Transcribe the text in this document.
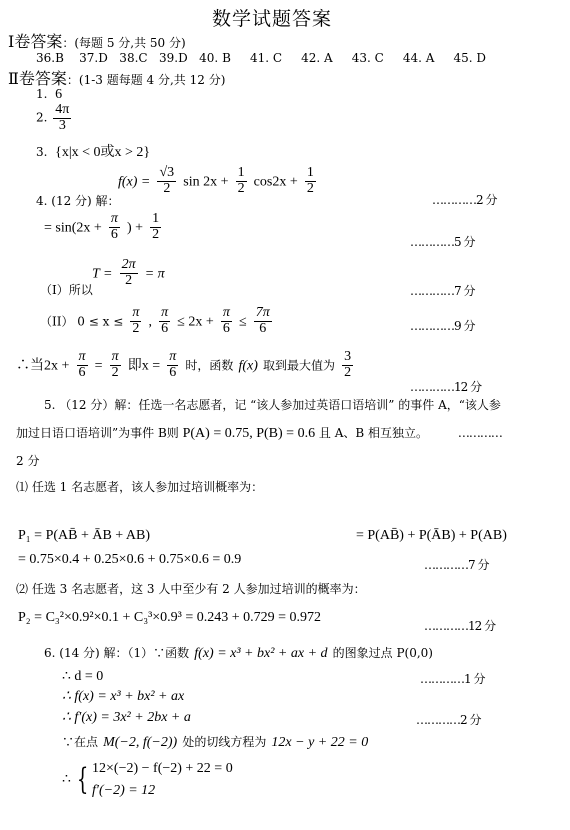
数学试题答案
Ⅰ卷答案：(每题 5 分,共 50 分)
36.B    37.D   38.C   39.D   40. B     41. C     42. A     43. C     44. A     45. D
Ⅱ卷答案：(1-3 题每题 4 分,共 12 分)
1. 6
2. $\frac{4\pi}{3}$
3. {x|x < 0或x > 2}
4. (12 分) 解：
$f(x) = \frac{√3}{2}$ $\sin 2x + \frac{1}{2} \cos 2x + \frac{1}{2}$
…………2 分
= $\sin(2x + \frac{\pi}{6}$ ) + $\frac{1}{2}$	…………5 分
$T = \frac{2\pi}{2} = \pi$
（I）所以	…………7 分
（II） $0 \le x \le \frac{\pi}{2}$ , $\frac{\pi}{6} \le 2x + \frac{\pi}{6} \le \frac{7\pi}{6}$	…………9 分
∴当$2x + \frac{\pi}{6} = \frac{\pi}{2}$ 即$x = \frac{\pi}{6}$ 时，函数 f(x) 取到最大值为 $\frac{3}{2}$
…………12 分
5. （12 分）解：任选一名志愿者，记 “该人参加过英语口语培训” 的事件 A，“该人参
加过日语口语培训”为事件 B则 P(A) = 0.75, P(B) = 0.6 且 A、B 相互独立。 …………
2 分
⑴ 任选 1 名志愿者，该人参加过培训概率为：
P₁ = P(AB̄ + ĀB + AB)	= P(AB̄) + P(ĀB) + P(AB)
= 0.75×0.4 + 0.25×0.6 + 0.75×0.6 = 0.9	…………7 分
⑵ 任选 3 名志愿者，这 3 人中至少有 2 人参加过培训的概率为：
P₂ = C₃²×0.9²×0.1 + C₃³×0.9³ = 0.243 + 0.729 = 0.972
…………12 分
6. (14 分) 解：（1）∵函数 f(x) = x³ + bx² + ax + d 的图象过点 P(0,0)
∴ d = 0	…………1 分
∴ f(x) = x³ + bx² + ax
∴ f′(x) = 3x² + 2bx + a	…………2 分
∵在点 M(−2, f(−2)) 处的切线方程为 12x − y + 22 = 0
∴ { 12×(−2) − f(−2) + 22 = 0
f′(−2) = 12
